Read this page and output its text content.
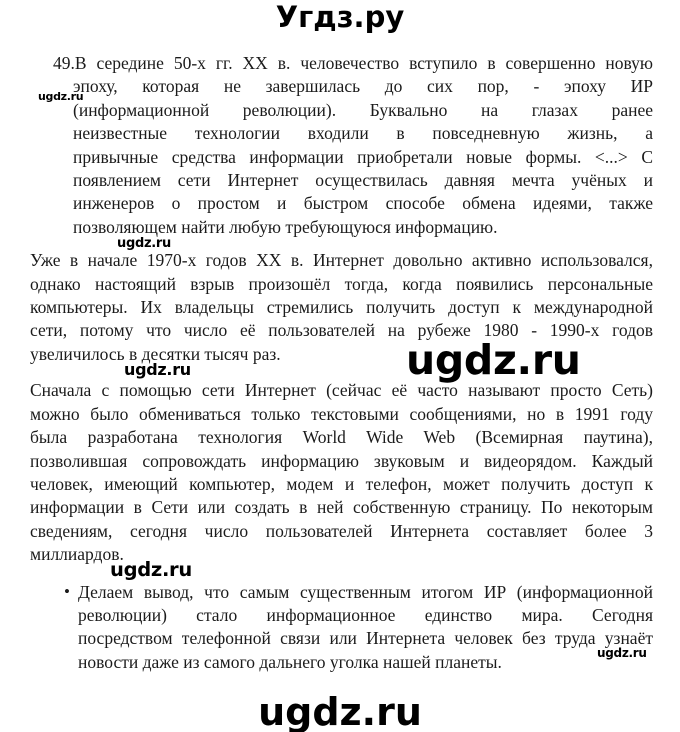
Угдз.ру
49.В середине 50-х гг. XX в. человечество вступило в совершенно новую
эпоху, которая не завершилась до сих пор, - эпоху ИР
(информационной революции). Буквально на глазах ранее
неизвестные технологии входили в повседневную жизнь, а
привычные средства информации приобретали новые формы. <...> С
появлением сети Интернет осуществилась давняя мечта учёных и
инженеров о простом и быстром способе обмена идеями, также
позволяющем найти любую требующуюся информацию.
Уже в начале 1970-х годов XX в. Интернет довольно активно использовался,
однако настоящий взрыв произошёл тогда, когда появились персональные
компьютеры. Их владельцы стремились получить доступ к международной
сети, потому что число её пользователей на рубеже 1980 - 1990-х годов
увеличилось в десятки тысяч раз.
Сначала с помощью сети Интернет (сейчас её часто называют просто Сеть)
можно было обмениваться только текстовыми сообщениями, но в 1991 году
была разработана технология World Wide Web (Всемирная паутина),
позволившая сопровождать информацию звуковым и видеорядом. Каждый
человек, имеющий компьютер, модем и телефон, может получить доступ к
информации в Сети или создать в ней собственную страницу. По некоторым
сведениям, сегодня число пользователей Интернета составляет более 3
миллиардов.
• Делаем вывод, что самым существенным итогом ИР (информационной
революции) стало информационное единство мира. Сегодня
посредством телефонной связи или Интернета человек без труда узнаёт
новости даже из самого дальнего уголка нашей планеты.
ugdz.ru
ugdz.ru
ugdz.ru
ugdz.ru	ugdz.ru
ugdz.ru
ugdz.ru
